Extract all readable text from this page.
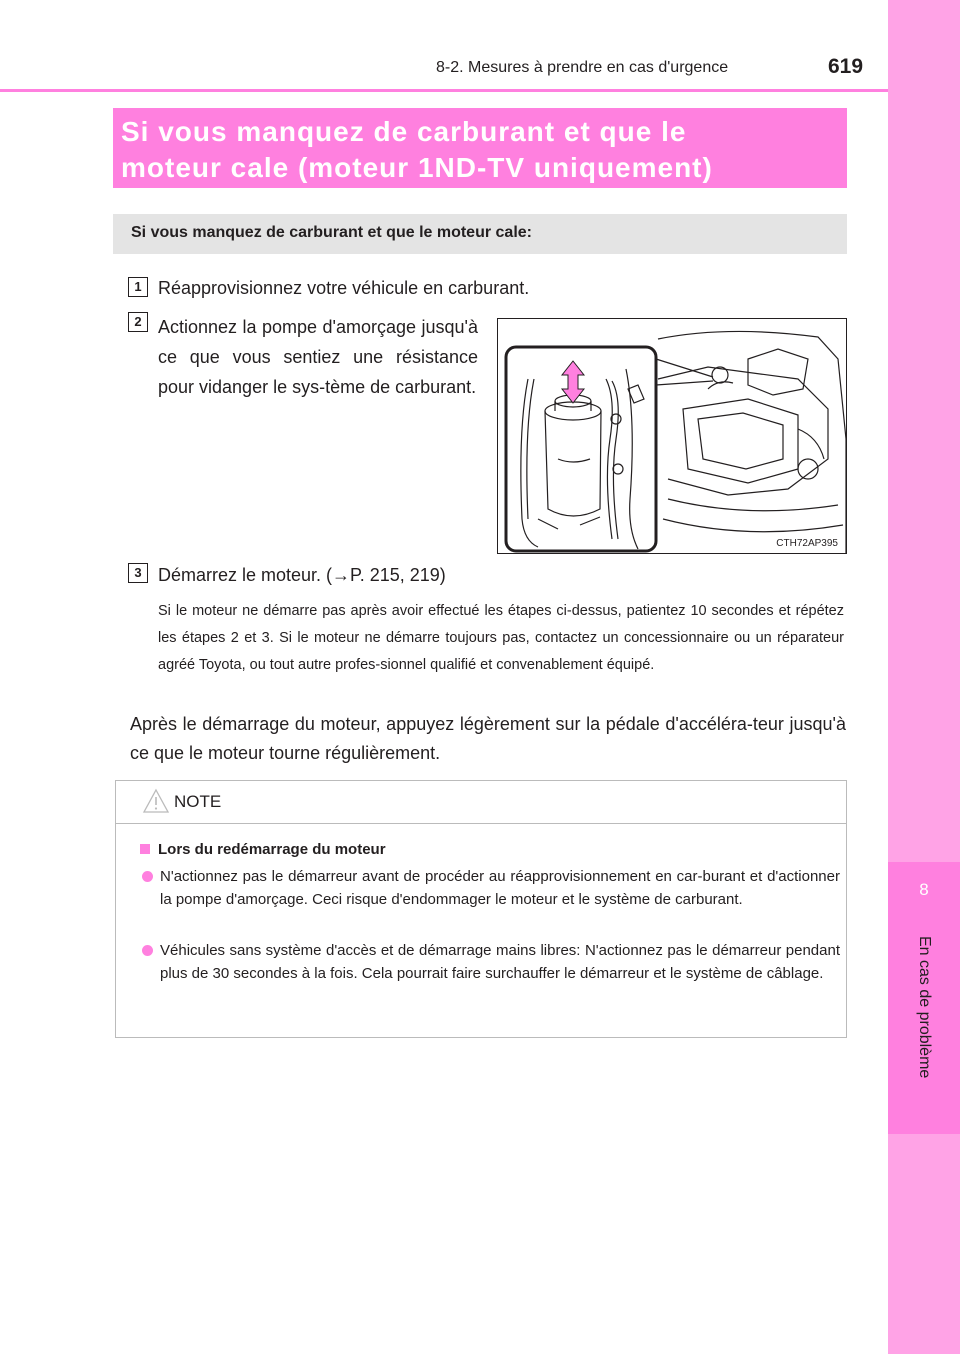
8
En cas de problème
8-2. Mesures à prendre en cas d'urgence	619
Si vous manquez de carburant et que le
moteur cale (moteur 1ND-TV uniquement)
Si vous manquez de carburant et que le moteur cale:
1 Réapprovisionnez votre véhicule en carburant.
2 Actionnez la pompe d'amorçage jusqu'à ce que vous sentiez une résistance pour vidanger le sys-tème de carburant.
CTH72AP395
3 Démarrez le moteur. (→P. 215, 219)
Si le moteur ne démarre pas après avoir effectué les étapes ci-dessus, patientez 10 secondes et répétez les étapes 2 et 3. Si le moteur ne démarre toujours pas, contactez un concessionnaire ou un réparateur agréé Toyota, ou tout autre profes-sionnel qualifié et convenablement équipé.
Après le démarrage du moteur, appuyez légèrement sur la pédale d'accéléra-teur jusqu'à ce que le moteur tourne régulièrement.
NOTE
Lors du redémarrage du moteur
N'actionnez pas le démarreur avant de procéder au réapprovisionnement en car-burant et d'actionner la pompe d'amorçage. Ceci risque d'endommager le moteur et le système de carburant.
Véhicules sans système d'accès et de démarrage mains libres: N'actionnez pas le démarreur pendant plus de 30 secondes à la fois. Cela pourrait faire surchauffer le démarreur et le système de câblage.
